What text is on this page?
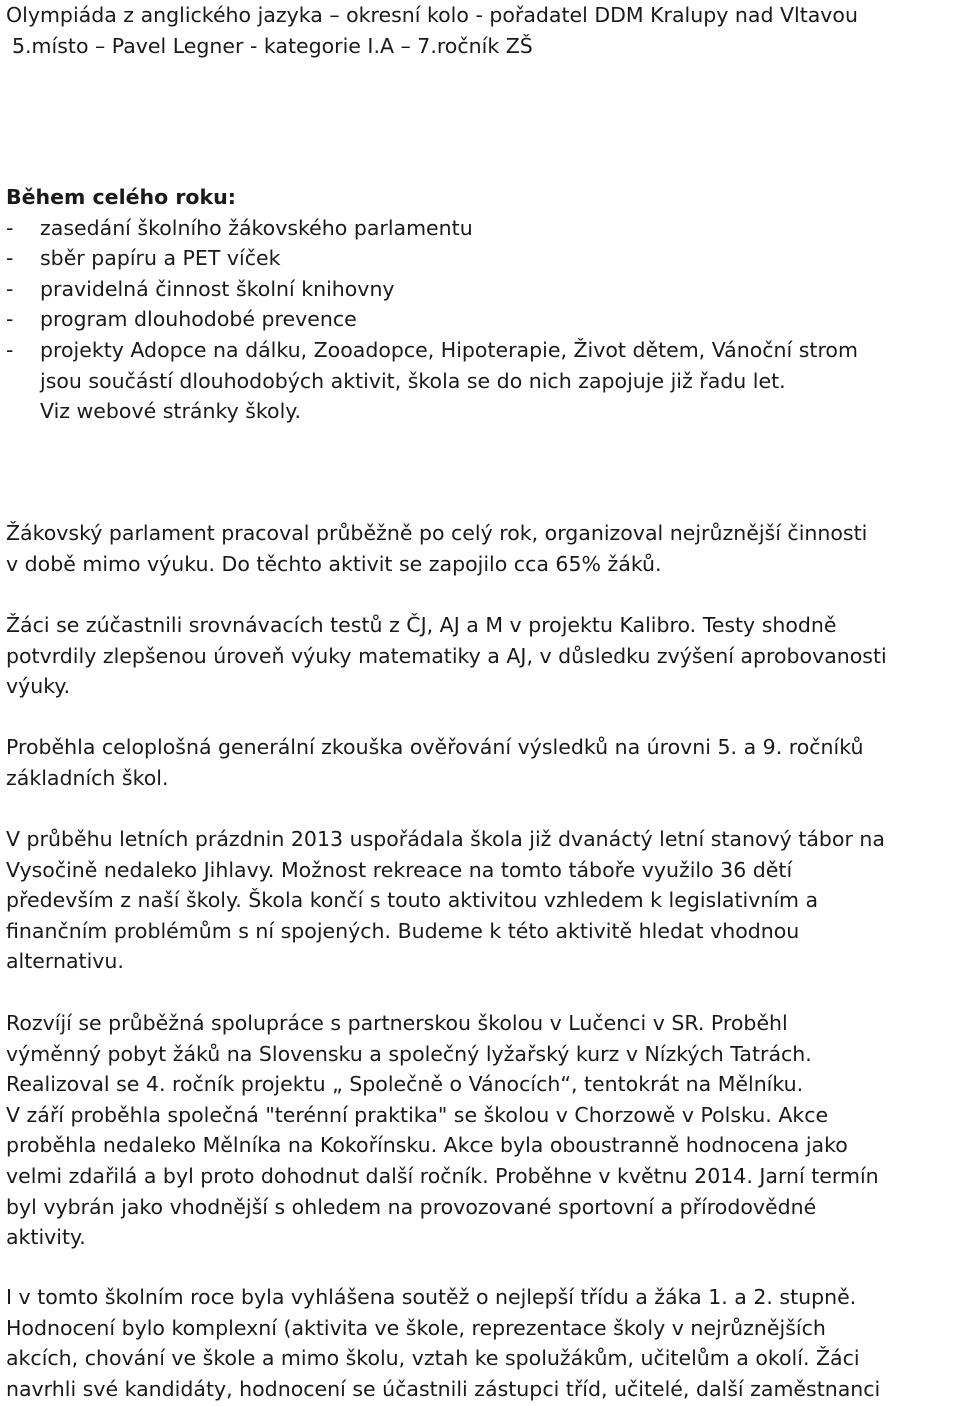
Olympiáda z anglického jazyka – okresní kolo - pořadatel DDM Kralupy nad Vltavou
5.místo – Pavel Legner - kategorie I.A – 7.ročník ZŠ
Během celého roku:
-	zasedání školního žákovského parlamentu
-	sběr papíru a PET víček
-	pravidelná činnost školní knihovny
-	program dlouhodobé prevence
-	projekty Adopce na dálku, Zooadopce, Hipoterapie, Život dětem, Vánoční strom
jsou součástí dlouhodobých aktivit, škola se do nich zapojuje již řadu let.
Viz webové stránky školy.
Žákovský parlament pracoval průběžně po celý rok, organizoval nejrůznější činnosti
v době mimo výuku. Do těchto aktivit se zapojilo cca 65% žáků.
Žáci se zúčastnili srovnávacích testů z ČJ, AJ a M v projektu Kalibro. Testy shodně
potvrdily zlepšenou úroveň výuky matematiky a AJ, v důsledku zvýšení aprobovanosti
výuky.
Proběhla celoplošná generální zkouška ověřování výsledků na úrovni 5. a 9. ročníků
základních škol.
V průběhu letních prázdnin 2013 uspořádala škola již dvanáctý letní stanový tábor na
Vysočině nedaleko Jihlavy. Možnost rekreace na tomto táboře využilo 36 dětí
především z naší školy. Škola končí s touto aktivitou vzhledem k legislativním a
finančním problémům s ní spojených. Budeme k této aktivitě hledat vhodnou
alternativu.
Rozvíjí se průběžná spolupráce s partnerskou školou v Lučenci v SR. Proběhl
výměnný pobyt žáků na Slovensku a společný lyžařský kurz v Nízkých Tatrách.
Realizoval se 4. ročník projektu „ Společně o Vánocích“, tentokrát na Mělníku.
V září proběhla společná "terénní praktika" se školou v Chorzowě v Polsku. Akce
proběhla nedaleko Mělníka na Kokořínsku. Akce byla oboustranně hodnocena jako
velmi zdařilá a byl proto dohodnut další ročník. Proběhne v květnu 2014. Jarní termín
byl vybrán jako vhodnější s ohledem na provozované sportovní a přírodovědné
aktivity.
I v tomto školním roce byla vyhlášena soutěž o nejlepší třídu a žáka 1. a 2. stupně.
Hodnocení bylo komplexní (aktivita ve škole, reprezentace školy v nejrůznějších
akcích, chování ve škole a mimo školu, vztah ke spolužákům, učitelům a okolí. Žáci
navrhli své kandidáty, hodnocení se účastnili zástupci tříd, učitelé, další zaměstnanci
